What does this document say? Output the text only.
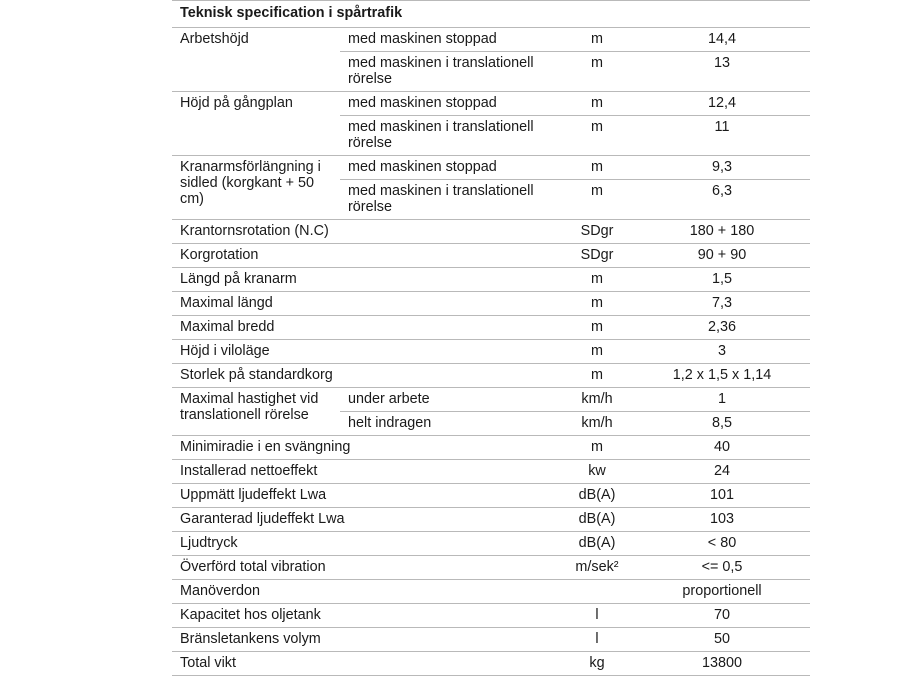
Teknisk specification i spårtrafik			
Arbetshöjd	med maskinen stoppad	m	14,4
	med maskinen i translationell rörelse	m	13
Höjd på gångplan	med maskinen stoppad	m	12,4
	med maskinen i translationell rörelse	m	11
Kranarmsförlängning i sidled (korgkant + 50 cm)	med maskinen stoppad	m	9,3
	med maskinen i translationell rörelse	m	6,3
Krantornsrotation (N.C)		SDgr	180 + 180
Korgrotation		SDgr	90 + 90
Längd på kranarm		m	1,5
Maximal längd		m	7,3
Maximal bredd		m	2,36
Höjd i viloläge		m	3
Storlek på standardkorg		m	1,2 x 1,5 x 1,14
Maximal hastighet vid translationell rörelse	under arbete	km/h	1
	helt indragen	km/h	8,5
Minimiradie i en svängning		m	40
Installerad nettoeffekt		kw	24
Uppmätt ljudeffekt Lwa		dB(A)	101
Garanterad ljudeffekt Lwa		dB(A)	103
Ljudtryck		dB(A)	< 80
Överförd total vibration		m/sek²	<= 0,5
Manöverdon			proportionell
Kapacitet hos oljetank		l	70
Bränsletankens volym		l	50
Total vikt		kg	13800
